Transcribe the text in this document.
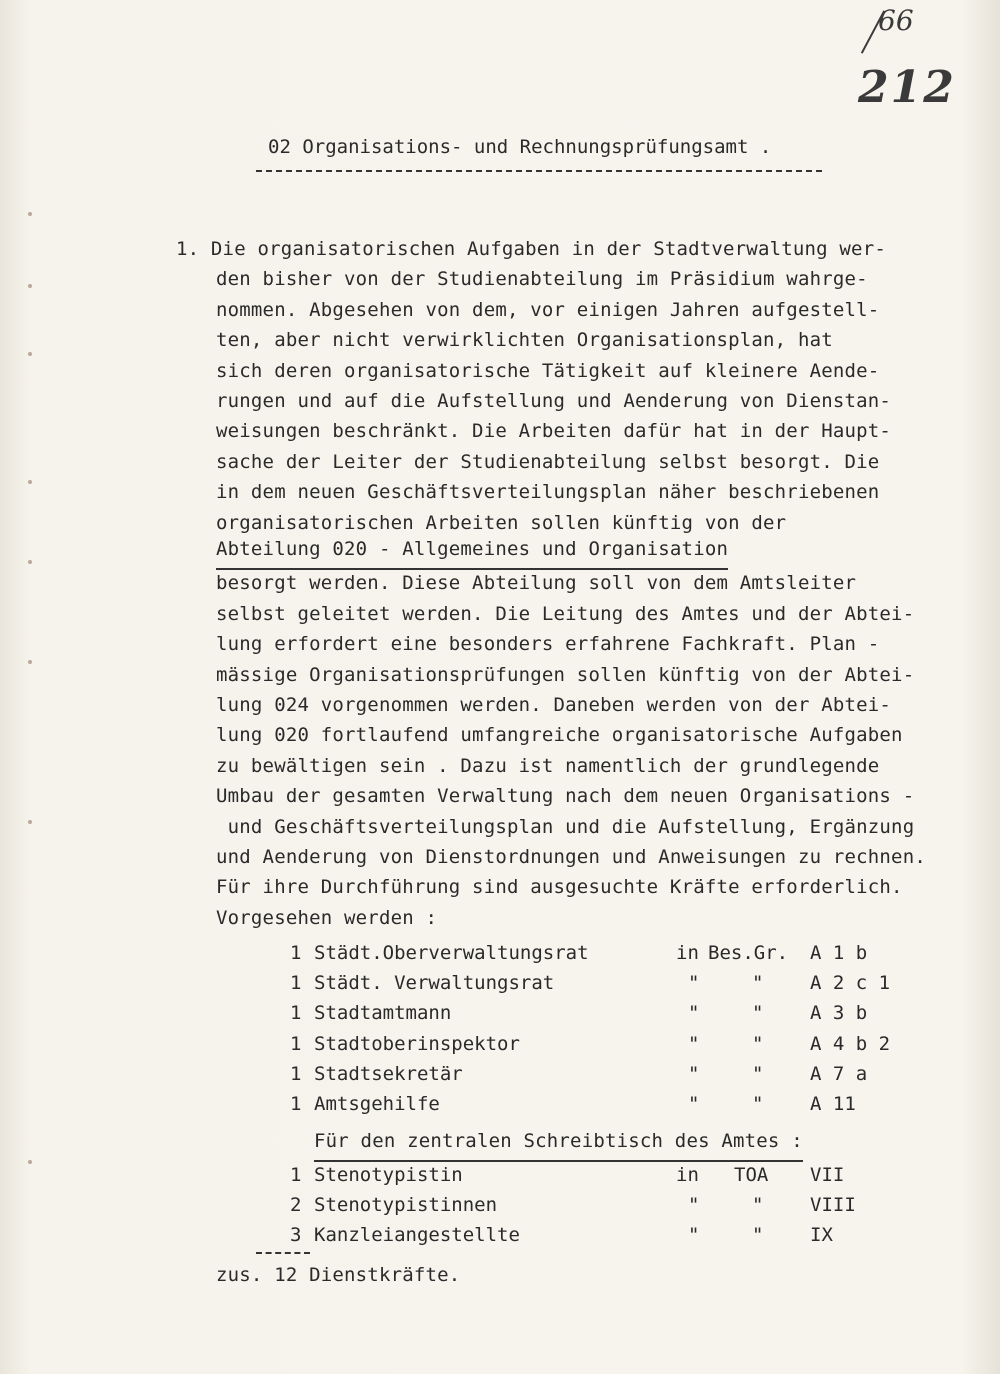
66
212
02 Organisations- und Rechnungsprüfungsamt .
1. Die organisatorischen Aufgaben in der Stadtverwaltung wer-
den bisher von der Studienabteilung im Präsidium wahrge-
nommen. Abgesehen von dem, vor einigen Jahren aufgestell-
ten, aber nicht verwirklichten Organisationsplan, hat
sich deren organisatorische Tätigkeit auf kleinere Aende-
rungen und auf die Aufstellung und Aenderung von Dienstan-
weisungen beschränkt. Die Arbeiten dafür hat in der Haupt-
sache der Leiter der Studienabteilung selbst besorgt. Die
in dem neuen Geschäftsverteilungsplan näher beschriebenen
organisatorischen Arbeiten sollen künftig von der
Abteilung 020 - Allgemeines und Organisation
besorgt werden. Diese Abteilung soll von dem Amtsleiter
selbst geleitet werden. Die Leitung des Amtes und der Abtei-
lung erfordert eine besonders erfahrene Fachkraft. Plan -
mässige Organisationsprüfungen sollen künftig von der Abtei-
lung 024 vorgenommen werden. Daneben werden von der Abtei-
lung 020 fortlaufend umfangreiche organisatorische Aufgaben
zu bewältigen sein . Dazu ist namentlich der grundlegende
Umbau der gesamten Verwaltung nach dem neuen Organisations -
und Geschäftsverteilungsplan und die Aufstellung, Ergänzung
und Aenderung von Dienstordnungen und Anweisungen zu rechnen.
Für ihre Durchführung sind ausgesuchte Kräfte erforderlich.
Vorgesehen werden :
1 Städt.Oberverwaltungsrat	in Bes.Gr. A 1 b
1 Städt. Verwaltungsrat	"	" A 2 c 1
1 Stadtamtmann	"	" A 3 b
1 Stadtoberinspektor	"	" A 4 b 2
1 Stadtsekretär	"	" A 7 a
1 Amtsgehilfe	"	" A 11
Für den zentralen Schreibtisch des Amtes :
1 Stenotypistin	in TOA VII
2 Stenotypistinnen	"	" VIII
3 Kanzleiangestellte	"	" IX
zus. 12 Dienstkräfte.
